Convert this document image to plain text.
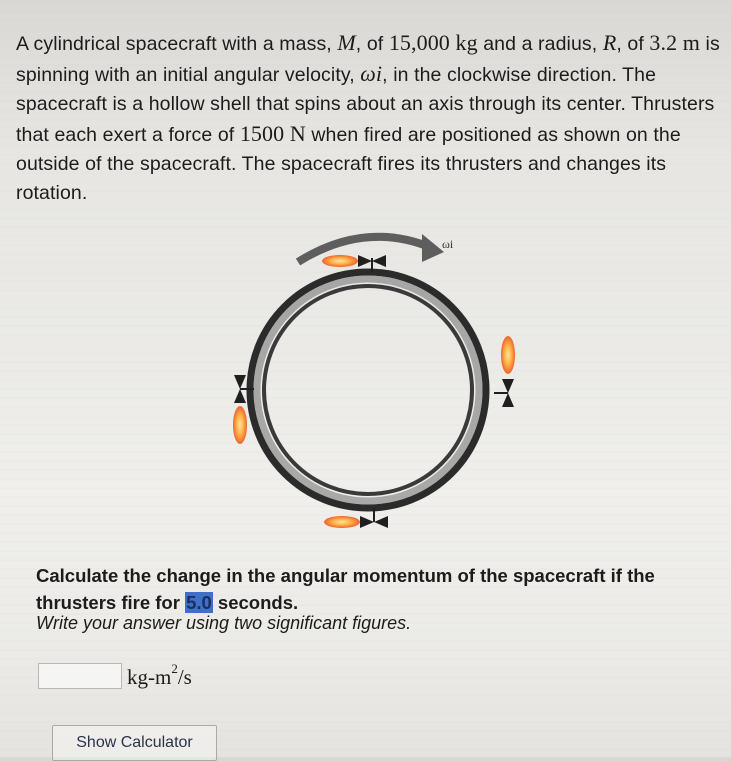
A cylindrical spacecraft with a mass, M, of 15,000 kg and a radius, R, of 3.2 m is spinning with an initial angular velocity, ωi, in the clockwise direction. The spacecraft is a hollow shell that spins about an axis through its center. Thrusters that each exert a force of 1500 N when fired are positioned as shown on the outside of the spacecraft. The spacecraft fires its thrusters and changes its rotation.

ωi

Calculate the change in the angular momentum of the spacecraft if the thrusters fire for 5.0 seconds.

Write your answer using two significant figures.

$kg-m^2/s$
Show Calculator
